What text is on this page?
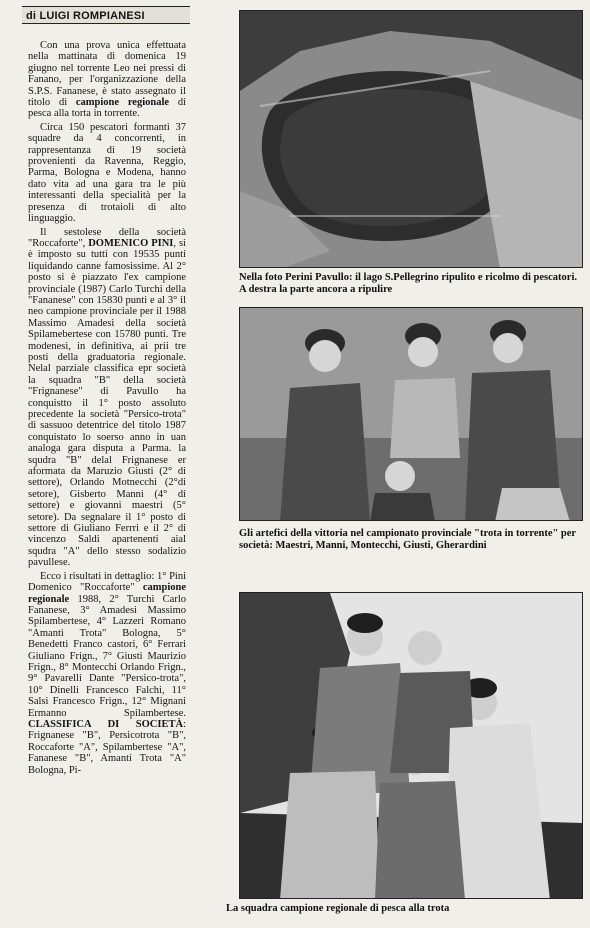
di LUIGI ROMPIANESI

Con una prova unica effettuata nella mattinata di domenica 19 giugno nel torrente Leo nei pressi di Fanano, per l'organizzazione della S.P.S. Fananese, è stato assegnato il titolo di campione regionale di pesca alla torta in torrente.

Circa 150 pescatori formanti 37 squadre da 4 concorrenti, in rappresentanza di 19 società provenienti da Ravenna, Reggio, Parma, Bologna e Modena, hanno dato vita ad una gara tra le più interessanti della specialità per la presenza di trotaioli di alto linguaggio.

Il sestolese della società "Roccaforte", DOMENICO PINI, si è imposto su tutti con 19535 punti liquidando canne famosissime. Al 2° posto si è piazzato l'ex campione provinciale (1987) Carlo Turchi della "Fananese" con 15830 punti e al 3° il neo campione provinciale per il 1988 Massimo Amadesi della società Spilamebertese con 15780 punti. Tre modenesi, in definitiva, ai prii tre posti della graduatoria regionale. Nelal parziale classifica epr società la squadra "B" della società "Frignanese" di Pavullo ha conquistto il 1° posto assoluto precedente la società "Persico-trota" di sassuoo detentrice del titolo 1987 conquistato lo soerso anno in uan analoga gara disputa a Parma. la squdra "B" delal Frignanese er aformata da Maruzio Giusti (2° di settore), Orlando Motnecchi (2°di setore), Gisberto Manni (4° di settore) e giovanni maestri (5° setore). Da segnalare il 1° posto di settore di Giuliano Ferrri e il 2° di vincenzo Saldi apartenenti aial squdra "A" dello stesso sodalizio pavullese.

Ecco i risultati in dettaglio: 1° Pini Domenico "Roccaforte" campione regionale 1988, 2° Turchi Carlo Fananese, 3° Amadesi Massimo Spilambertese, 4° Lazzeri Romano "Amanti Trota" Bologna, 5° Benedetti Franco castori, 6° Ferrari Giuliano Frign., 7° Giusti Maurizio Frign., 8° Montecchi Orlando Frign., 9° Pavarelli Dante "Persico-trota", 10° Dinelli Francesco Falchi, 11° Salsi Francesco Frign., 12° Mignani Ermanno Spilambertese. CLASSIFICA DI SOCIETÀ: Frignanese "B", Persicotrota "B", Roccaforte "A", Spilambertese "A", Fananese "B", Amanti Trota "A" Bologna, Pi-

Nella foto Perini Pavullo: il lago S.Pellegrino ripulito e ricolmo di pescatori. A destra la parte ancora a ripulire
Gli artefici della vittoria nel campionato provinciale "trota in torrente" per società: Maestri, Manni, Montecchi, Giusti, Gherardini
La squadra campione regionale di pesca alla trota
